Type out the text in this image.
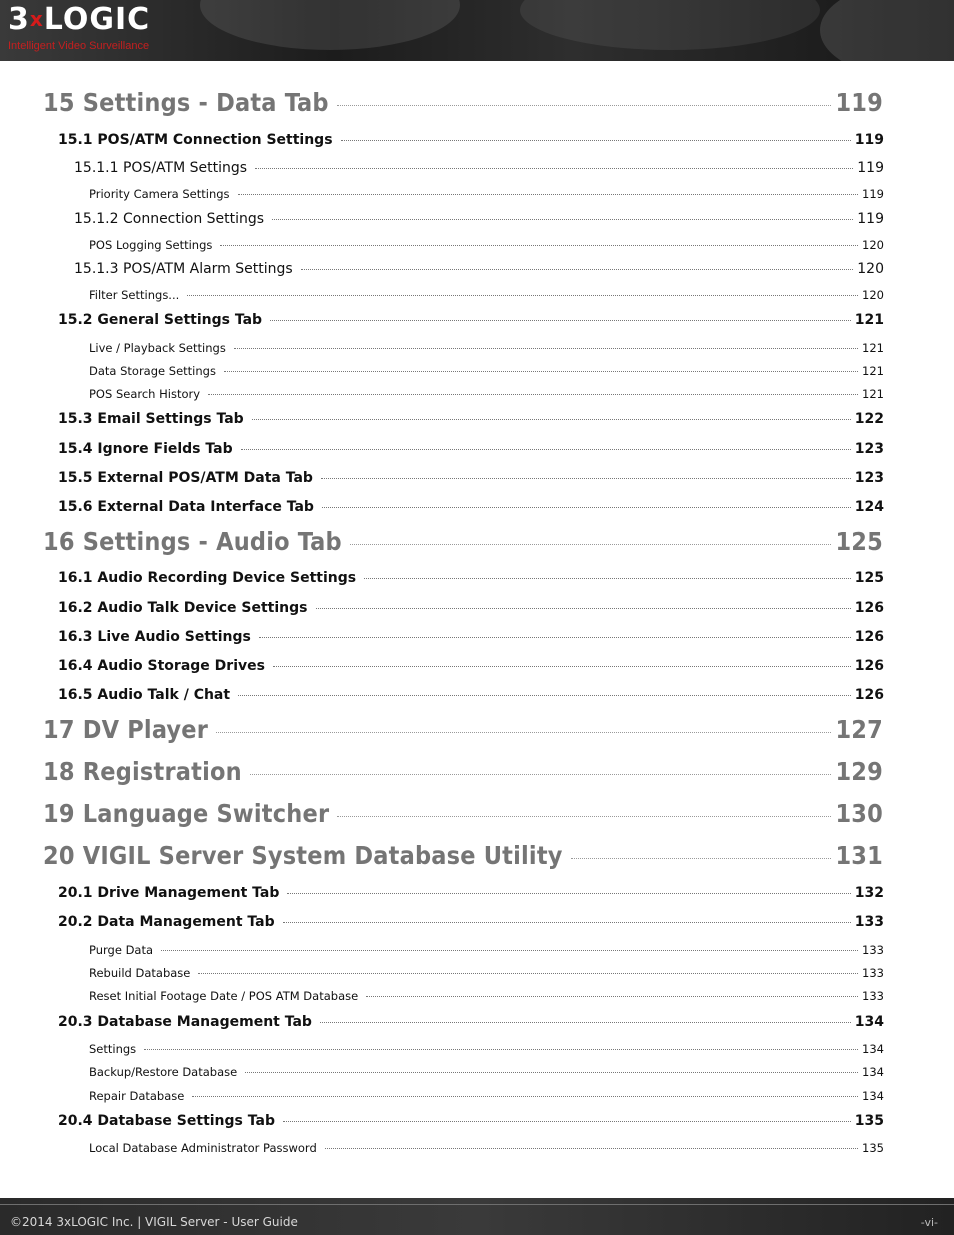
3xLOGIC
Intelligent Video Surveillance
15 Settings - Data Tab	119
15.1 POS/ATM Connection Settings	119
15.1.1 POS/ATM Settings	119
Priority Camera Settings	119
15.1.2 Connection Settings	119
POS Logging Settings	120
15.1.3 POS/ATM Alarm Settings	120
Filter Settings...	120
15.2 General Settings Tab	121
Live / Playback Settings	121
Data Storage Settings	121
POS Search History	121
15.3 Email Settings Tab	122
15.4 Ignore Fields Tab	123
15.5 External POS/ATM Data Tab	123
15.6 External Data Interface Tab	124
16 Settings - Audio Tab	125
16.1 Audio Recording Device Settings	125
16.2 Audio Talk Device Settings	126
16.3 Live Audio Settings	126
16.4 Audio Storage Drives	126
16.5 Audio Talk / Chat	126
17 DV Player	127
18 Registration	129
19 Language Switcher	130
20 VIGIL Server System Database Utility	131
20.1 Drive Management Tab	132
20.2 Data Management Tab	133
Purge Data	133
Rebuild Database	133
Reset Initial Footage Date / POS ATM Database	133
20.3 Database Management Tab	134
Settings	134
Backup/Restore Database	134
Repair Database	134
20.4 Database Settings Tab	135
Local Database Administrator Password	135
©2014 3xLOGIC Inc. | VIGIL Server - User Guide	-vi-
